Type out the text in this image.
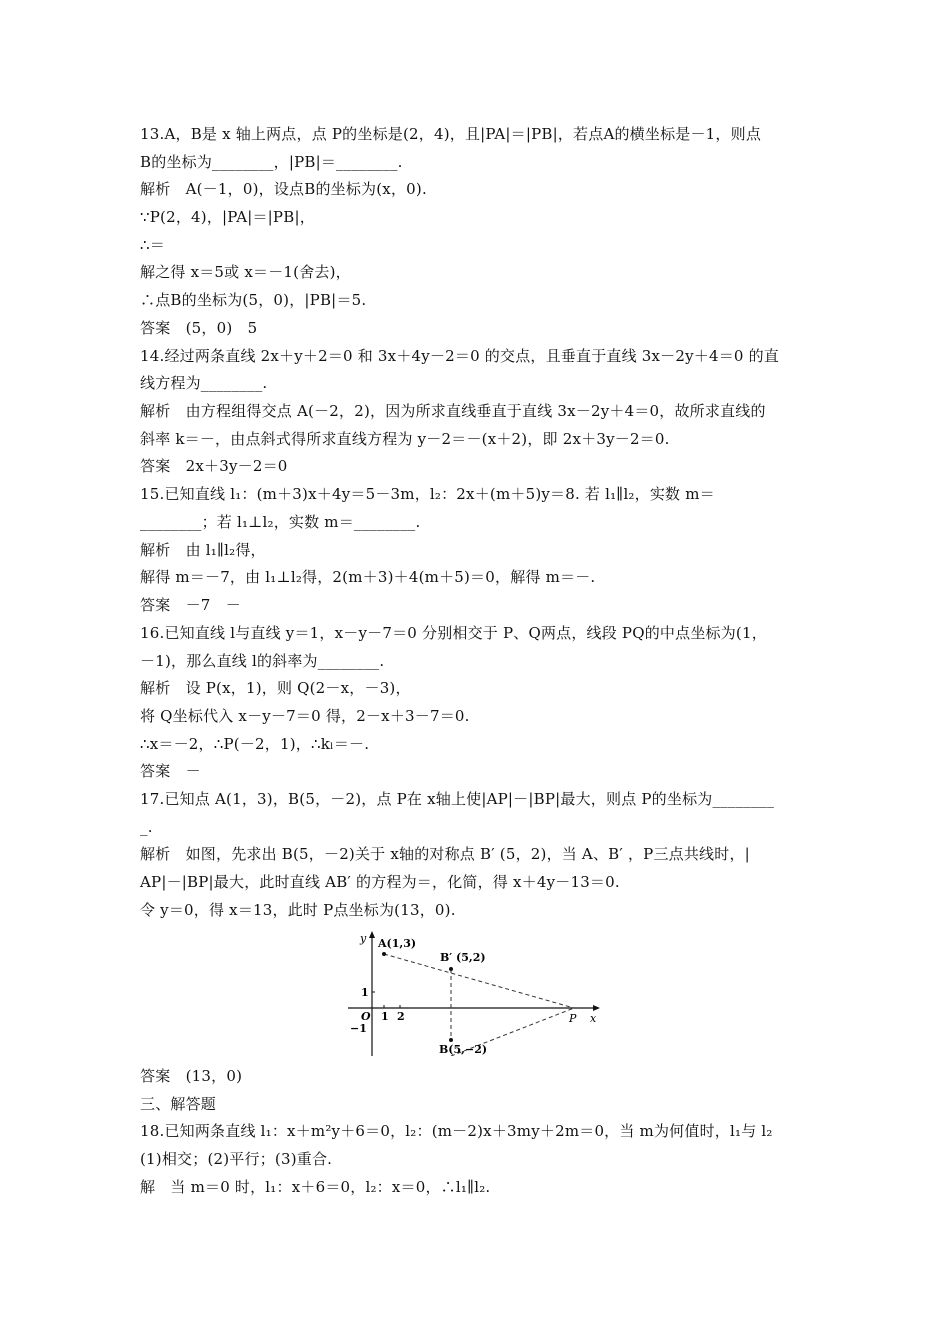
13.A，B是 x 轴上两点，点 P的坐标是(2，4)，且|PA|＝|PB|，若点A的横坐标是－1，则点
B的坐标为________，|PB|＝________.
解析　A(－1，0)，设点B的坐标为(x，0).
∵P(2，4)，|PA|＝|PB|，
∴＝
解之得 x＝5或 x＝－1(舍去)，
∴点B的坐标为(5，0)，|PB|＝5.
答案　(5，0)　5
14.经过两条直线 2x＋y＋2＝0 和 3x＋4y－2＝0 的交点，且垂直于直线 3x－2y＋4＝0 的直
线方程为________.
解析　由方程组得交点 A(－2，2)，因为所求直线垂直于直线 3x－2y＋4＝0，故所求直线的
斜率 k＝－，由点斜式得所求直线方程为 y－2＝－(x＋2)，即 2x＋3y－2＝0.
答案　2x＋3y－2＝0
15.已知直线 l₁：(m＋3)x＋4y＝5－3m，l₂：2x＋(m＋5)y＝8. 若 l₁∥l₂，实数 m＝
________；若 l₁⊥l₂，实数 m＝________.
解析　由 l₁∥l₂得，
解得 m＝－7，由 l₁⊥l₂得，2(m＋3)＋4(m＋5)＝0，解得 m＝－.
答案　－7　－
16.已知直线 l与直线 y＝1，x－y－7＝0 分别相交于 P、Q两点，线段 PQ的中点坐标为(1，
－1)，那么直线 l的斜率为________.
解析　设 P(x，1)，则 Q(2－x，－3)，
将 Q坐标代入 x－y－7＝0 得，2－x＋3－7＝0.
∴x＝－2，∴P(－2，1)，∴kₗ＝－.
答案　－
17.已知点 A(1，3)，B(5，－2)，点 P在 x轴上使|AP|－|BP|最大，则点 P的坐标为________
_.
解析　如图，先求出 B(5，－2)关于 x轴的对称点 B′ (5，2)，当 A、B′ ，P三点共线时，|
AP|－|BP|最大，此时直线 AB′ 的方程为＝，化简，得 x＋4y－13＝0.
令 y＝0，得 x＝13，此时 P点坐标为(13，0).
答案　(13，0)
三、解答题
18.已知两条直线 l₁：x＋m²y＋6＝0，l₂：(m－2)x＋3my＋2m＝0，当 m为何值时，l₁与 l₂
(1)相交；(2)平行；(3)重合.
解　当 m＝0 时，l₁：x＋6＝0，l₂：x＝0，∴l₁∥l₂.
y A(1,3)
B′ (5,2)
1
O 1 2
−1
P x
B(5,−2)
